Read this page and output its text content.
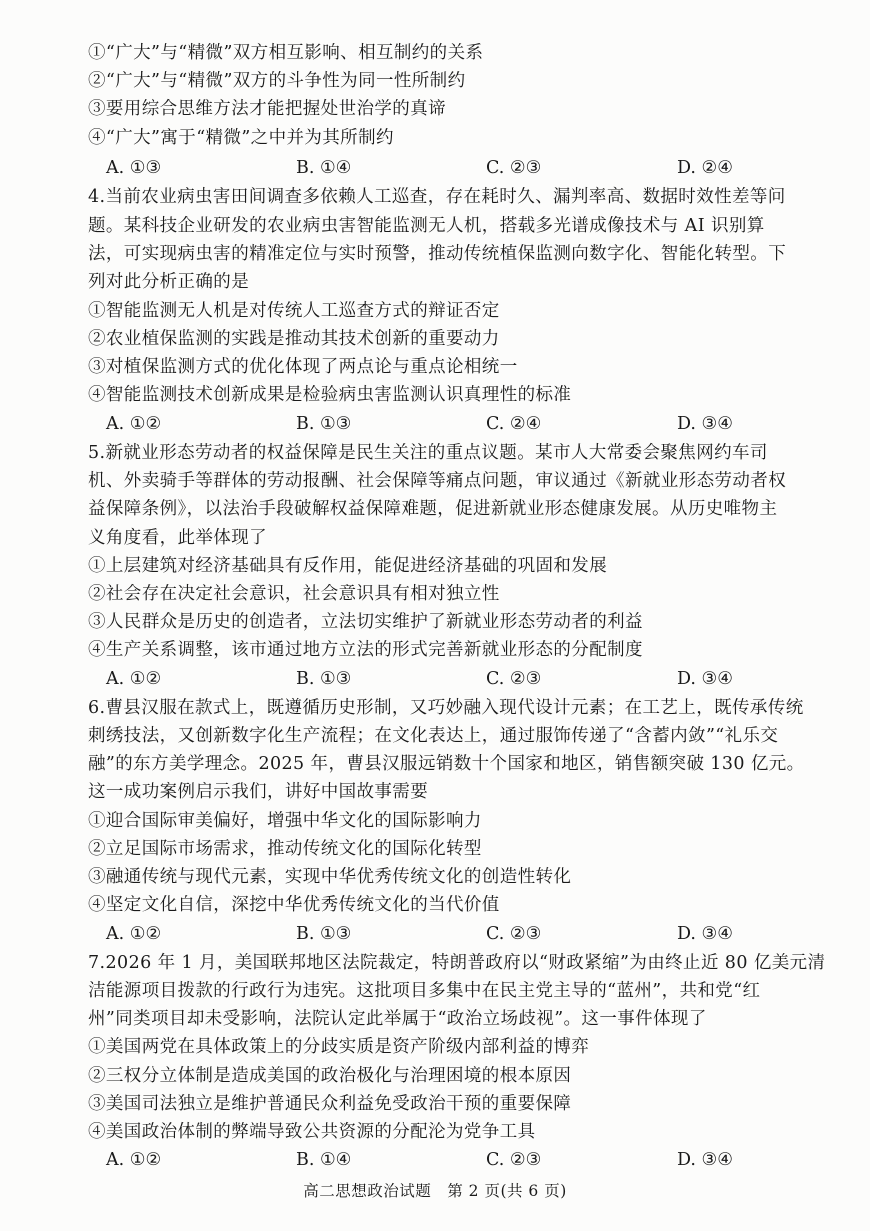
①“广大”与“精微”双方相互影响、相互制约的关系
②“广大”与“精微”双方的斗争性为同一性所制约
③要用综合思维方法才能把握处世治学的真谛
④“广大”寓于“精微”之中并为其所制约
A. ①③	B. ①④	C. ②③	D. ②④
4.当前农业病虫害田间调查多依赖人工巡查，存在耗时久、漏判率高、数据时效性差等问
题。某科技企业研发的农业病虫害智能监测无人机，搭载多光谱成像技术与 AI 识别算
法，可实现病虫害的精准定位与实时预警，推动传统植保监测向数字化、智能化转型。下
列对此分析正确的是
①智能监测无人机是对传统人工巡查方式的辩证否定
②农业植保监测的实践是推动其技术创新的重要动力
③对植保监测方式的优化体现了两点论与重点论相统一
④智能监测技术创新成果是检验病虫害监测认识真理性的标准
A. ①②	B. ①③	C. ②④	D. ③④
5.新就业形态劳动者的权益保障是民生关注的重点议题。某市人大常委会聚焦网约车司
机、外卖骑手等群体的劳动报酬、社会保障等痛点问题，审议通过《新就业形态劳动者权
益保障条例》，以法治手段破解权益保障难题，促进新就业形态健康发展。从历史唯物主
义角度看，此举体现了
①上层建筑对经济基础具有反作用，能促进经济基础的巩固和发展
②社会存在决定社会意识，社会意识具有相对独立性
③人民群众是历史的创造者，立法切实维护了新就业形态劳动者的利益
④生产关系调整，该市通过地方立法的形式完善新就业形态的分配制度
A. ①②	B. ①③	C. ②③	D. ③④
6.曹县汉服在款式上，既遵循历史形制，又巧妙融入现代设计元素；在工艺上，既传承传统
刺绣技法，又创新数字化生产流程；在文化表达上，通过服饰传递了“含蓄内敛”“礼乐交
融”的东方美学理念。2025 年，曹县汉服远销数十个国家和地区，销售额突破 130 亿元。
这一成功案例启示我们，讲好中国故事需要
①迎合国际审美偏好，增强中华文化的国际影响力
②立足国际市场需求，推动传统文化的国际化转型
③融通传统与现代元素，实现中华优秀传统文化的创造性转化
④坚定文化自信，深挖中华优秀传统文化的当代价值
A. ①②	B. ①③	C. ②③	D. ③④
7.2026 年 1 月，美国联邦地区法院裁定，特朗普政府以“财政紧缩”为由终止近 80 亿美元清
洁能源项目拨款的行政行为违宪。这批项目多集中在民主党主导的“蓝州”，共和党“红
州”同类项目却未受影响，法院认定此举属于“政治立场歧视”。这一事件体现了
①美国两党在具体政策上的分歧实质是资产阶级内部利益的博弈
②三权分立体制是造成美国的政治极化与治理困境的根本原因
③美国司法独立是维护普通民众利益免受政治干预的重要保障
④美国政治体制的弊端导致公共资源的分配沦为党争工具
A. ①②	B. ①④	C. ②③	D. ③④
高二思想政治试题　第 2 页(共 6 页)
